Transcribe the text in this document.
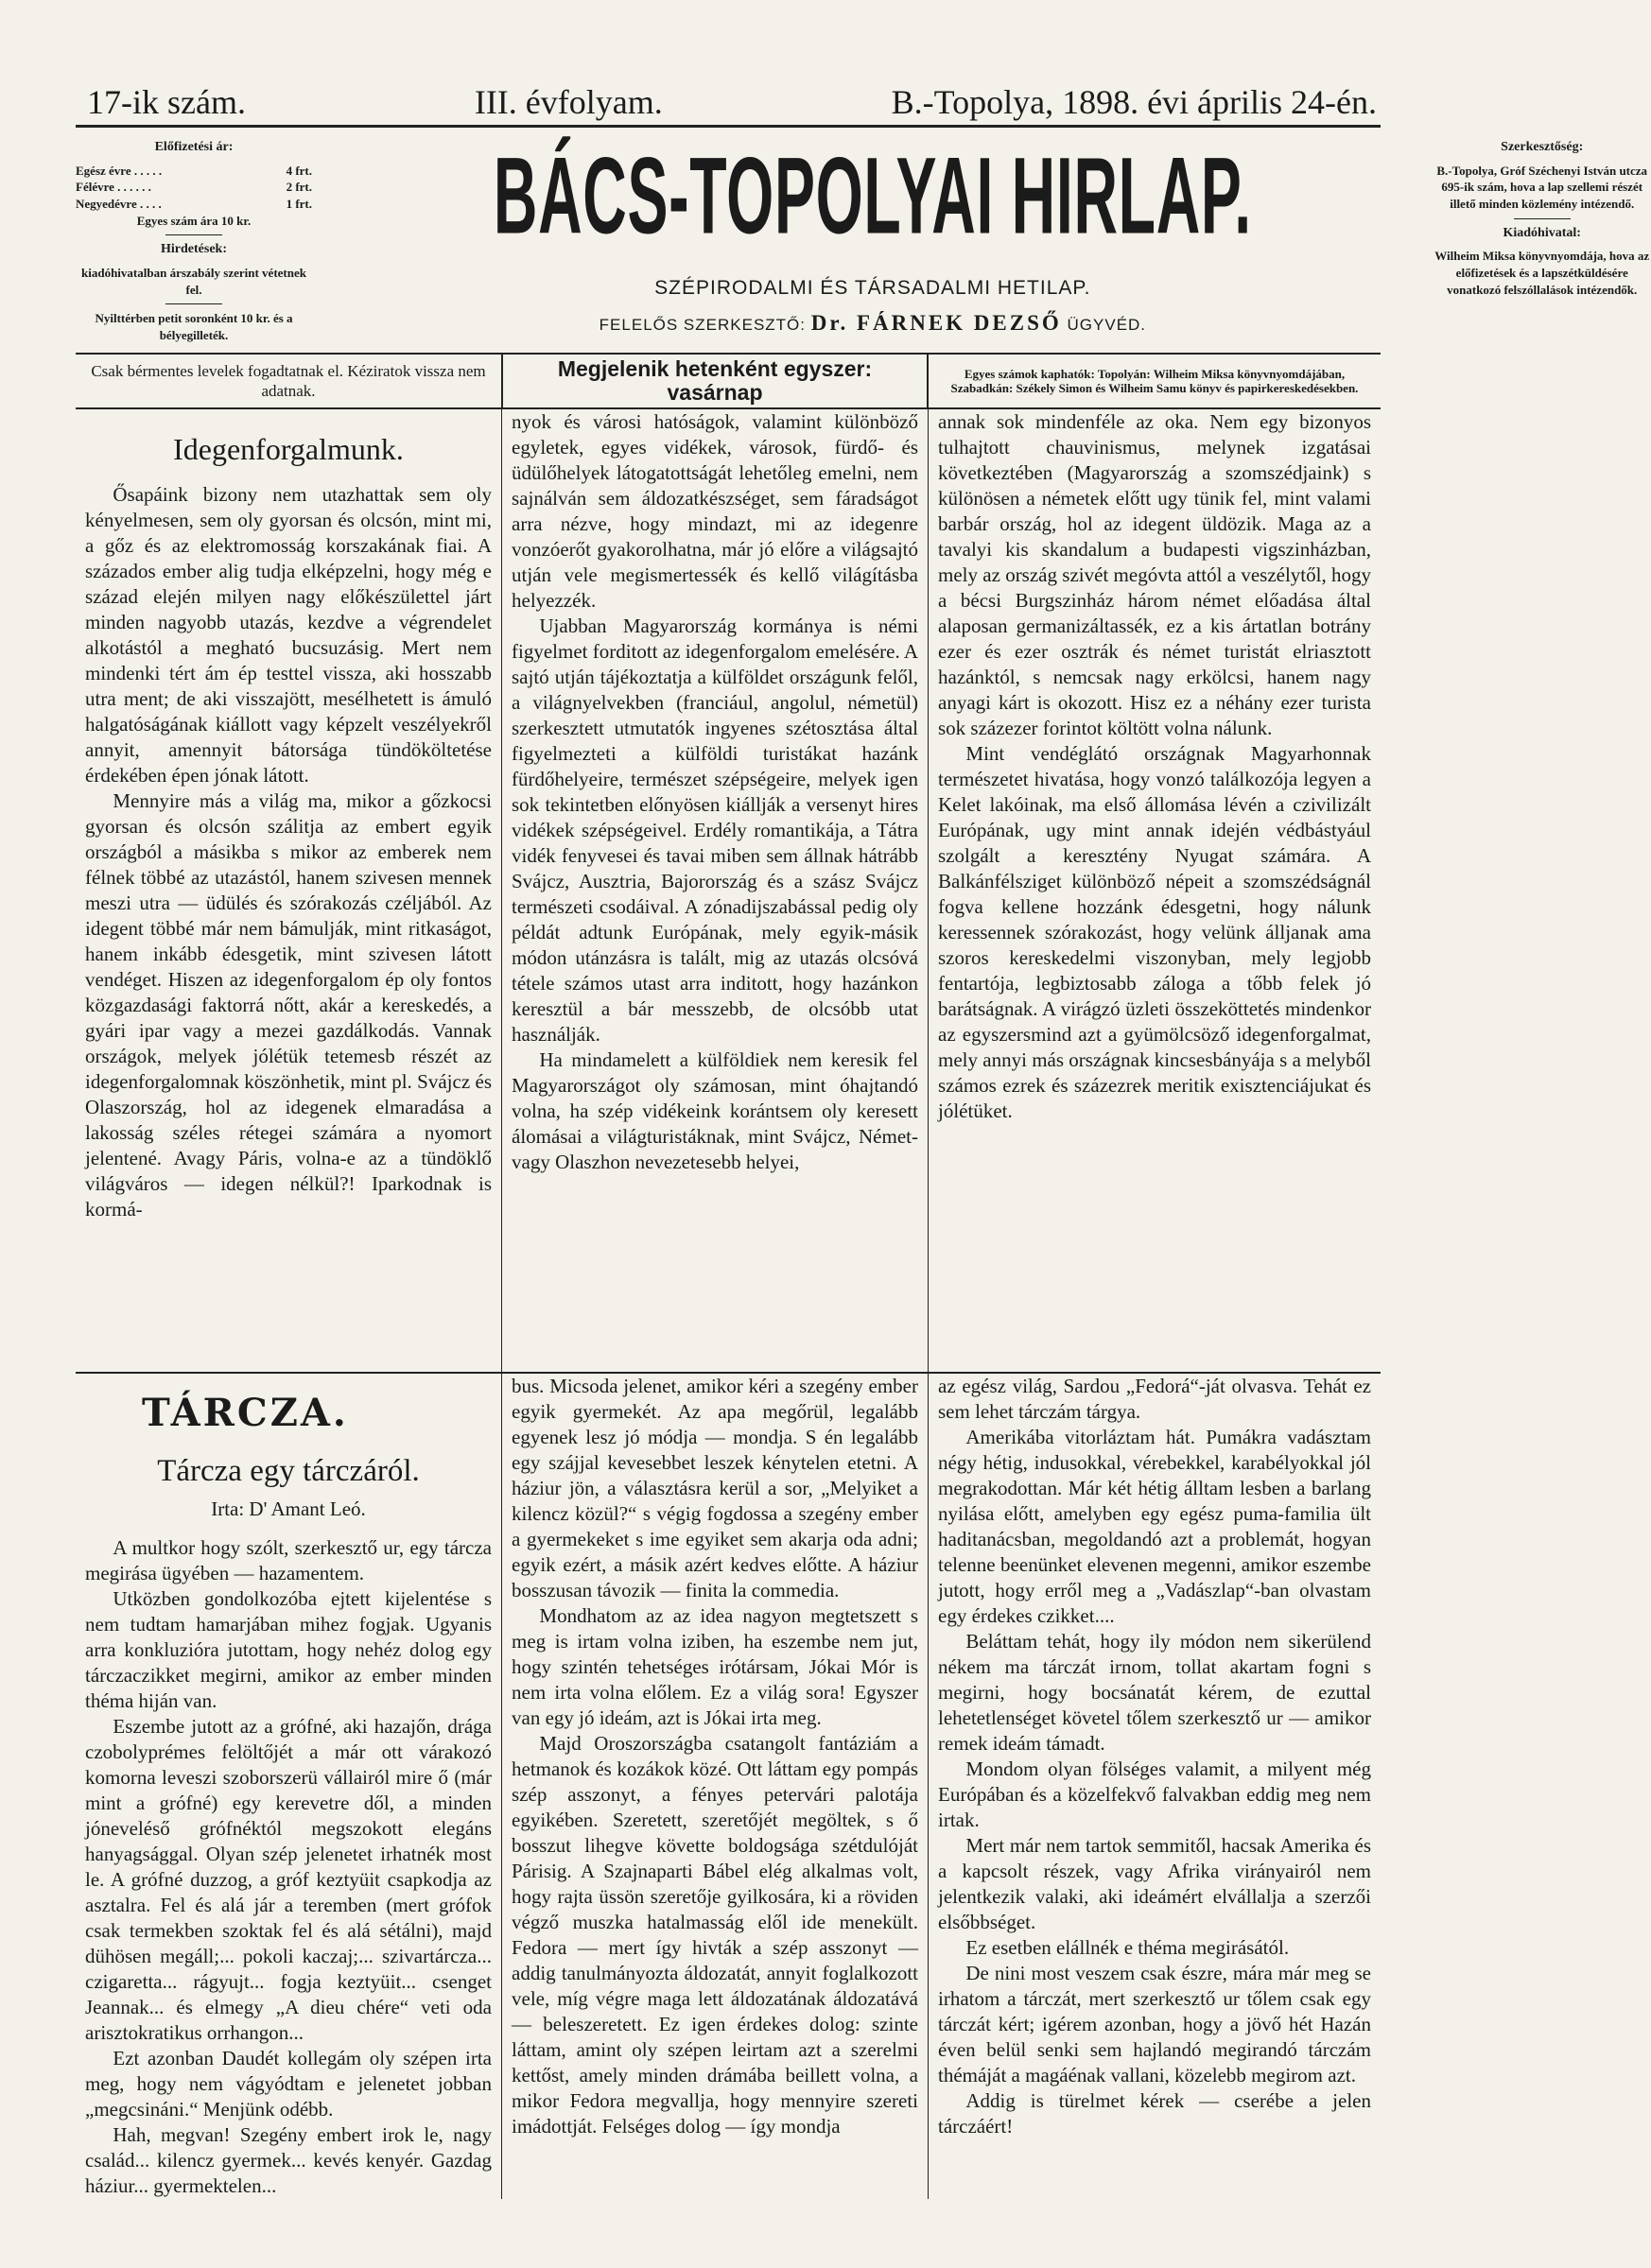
17-ik szám.	III. évfolyam.	B.-Topolya, 1898. évi április 24-én.
Előfizetési ár:
Egész évre . . . . .	4 frt.
Félévre . . . . . .	2 frt.
Negyedévre . . . .	1 frt.
Egyes szám ára 10 kr.
Hirdetések:
kiadóhivatalban árszabály szerint vétetnek fel.
Nyilttérben petit soronként 10 kr. és a bélyegilleték.
BÁCS-TOPOLYAI HIRLAP.
SZÉPIRODALMI ÉS TÁRSADALMI HETILAP.
FELELŐS SZERKESZTŐ: Dr. FÁRNEK DEZSŐ ÜGYVÉD.
Szerkesztőség:
B.-Topolya, Gróf Széchenyi István utcza 695-ik szám, hova a lap szellemi részét illető minden közlemény intézendő.
Kiadóhivatal:
Wilheim Miksa könyvnyomdája, hova az előfizetések és a lapszétküldésére vonatkozó felszóllalások intézendők.
Csak bérmentes levelek fogadtatnak el. Kéziratok vissza nem adatnak.
Megjelenik hetenként egyszer:
vasárnap
Egyes számok kaphatók: Topolyán: Wilheim Miksa könyvnyomdájában, Szabadkán: Székely Simon és Wilheim Samu könyv és papirkereskedésekben.
Idegenforgalmunk.

Ősapáink bizony nem utazhattak sem oly kényelmesen, sem oly gyorsan és olcsón, mint mi, a gőz és az elektromosság korszakának fiai. A százados ember alig tudja elképzelni, hogy még e század elején milyen nagy előkészülettel járt minden nagyobb utazás, kezdve a végrendelet alkotástól a megható bucsuzásig. Mert nem mindenki tért ám ép testtel vissza, aki hosszabb utra ment; de aki visszajött, mesélhetett is ámuló halgatóságának kiállott vagy képzelt veszélyekről annyit, amennyit bátorsága tündököltetése érdekében épen jónak látott.

Mennyire más a világ ma, mikor a gőzkocsi gyorsan és olcsón szálitja az embert egyik országból a másikba s mikor az emberek nem félnek többé az utazástól, hanem szivesen mennek meszi utra — üdülés és szórakozás czéljából. Az idegent többé már nem bámulják, mint ritkaságot, hanem inkább édesgetik, mint szivesen látott vendéget. Hiszen az idegenforgalom ép oly fontos közgazdasági faktorrá nőtt, akár a kereskedés, a gyári ipar vagy a mezei gazdálkodás. Vannak országok, melyek jólétük tetemesb részét az idegenforgalomnak köszönhetik, mint pl. Svájcz és Olaszország, hol az idegenek elmaradása a lakosság széles rétegei számára a nyomort jelentené. Avagy Páris, volna-e az a tündöklő világváros — idegen nélkül?! Iparkodnak is kormá-

nyok és városi hatóságok, valamint különböző egyletek, egyes vidékek, városok, fürdő- és üdülőhelyek látogatottságát lehetőleg emelni, nem sajnálván sem áldozatkészséget, sem fáradságot arra nézve, hogy mindazt, mi az idegenre vonzóerőt gyakorolhatna, már jó előre a világsajtó utján vele megismertessék és kellő világításba helyezzék.

Ujabban Magyarország kormánya is némi figyelmet forditott az idegenforgalom emelésére. A sajtó utján tájékoztatja a külföldet országunk felől, a világnyelvekben (franciául, angolul, németül) szerkesztett utmutatók ingyenes szétosztása által figyelmezteti a külföldi turistákat hazánk fürdőhelyeire, természet szépségeire, melyek igen sok tekintetben előnyösen kiállják a versenyt hires vidékek szépségeivel. Erdély romantikája, a Tátra vidék fenyvesei és tavai miben sem állnak hátrább Svájcz, Ausztria, Bajorország és a szász Svájcz természeti csodáival. A zónadijszabással pedig oly példát adtunk Európának, mely egyik-másik módon utánzásra is talált, mig az utazás olcsóvá tétele számos utast arra inditott, hogy hazánkon keresztül a bár messzebb, de olcsóbb utat használják.

Ha mindamelett a külföldiek nem keresik fel Magyarországot oly számosan, mint óhajtandó volna, ha szép vidékeink korántsem oly keresett álomásai a világturistáknak, mint Svájcz, Német- vagy Olaszhon nevezetesebb helyei,

annak sok mindenféle az oka. Nem egy bizonyos tulhajtott chauvinismus, melynek izgatásai következtében (Magyarország a szomszédjaink) s különösen a németek előtt ugy tünik fel, mint valami barbár ország, hol az idegent üldözik. Maga az a tavalyi kis skandalum a budapesti vigszinházban, mely az ország szivét megóvta attól a veszélytől, hogy a bécsi Burgszinház három német előadása által alaposan germanizáltassék, ez a kis ártatlan botrány ezer és ezer osztrák és német turistát elriasztott hazánktól, s nemcsak nagy erkölcsi, hanem nagy anyagi kárt is okozott. Hisz ez a néhány ezer turista sok százezer forintot költött volna nálunk.

Mint vendéglátó országnak Magyarhonnak természetet hivatása, hogy vonzó találkozója legyen a Kelet lakóinak, ma első állomása lévén a czivilizált Európának, ugy mint annak idején védbástyául szolgált a keresztény Nyugat számára. A Balkánfélsziget különböző népeit a szomszédságnál fogva kellene hozzánk édesgetni, hogy nálunk keressennek szórakozást, hogy velünk álljanak ama szoros kereskedelmi viszonyban, mely legjobb fentartója, legbiztosabb záloga a tőbb felek jó barátságnak. A virágzó üzleti összeköttetés mindenkor az egyszersmind azt a gyümölcsöző idegenforgalmat, mely annyi más országnak kincsesbányája s a melyből számos ezrek és százezrek meritik exisztenciájukat és jólétüket.

TÁRCZA.
Tárcza egy tárczáról.

Irta: D' Amant Leó.

A multkor hogy szólt, szerkesztő ur, egy tárcza megirása ügyében — hazamentem.

Utközben gondolkozóba ejtett kijelentése s nem tudtam hamarjában mihez fogjak. Ugyanis arra konkluzióra jutottam, hogy nehéz dolog egy tárczaczikket megirni, amikor az ember minden théma hiján van.

Eszembe jutott az a grófné, aki hazajőn, drága czobolyprémes felöltőjét a már ott várakozó komorna leveszi szoborszerü vállairól mire ő (már mint a grófné) egy kerevetre dől, a minden jóneveléső grófnéktól megszokott elegáns hanyagsággal. Olyan szép jelenetet irhatnék most le. A grófné duzzog, a gróf keztyüit csapkodja az asztalra. Fel és alá jár a teremben (mert grófok csak termekben szoktak fel és alá sétálni), majd dühösen megáll;... pokoli kaczaj;... szivartárcza... czigaretta... rágyujt... fogja keztyüit... csenget Jeannak... és elmegy „A dieu chére“ veti oda arisztokratikus orrhangon...

Ezt azonban Daudét kollegám oly szépen irta meg, hogy nem vágyódtam e jelenetet jobban „megcsináni.“ Menjünk odébb.

Hah, megvan! Szegény embert irok le, nagy család... kilencz gyermek... kevés kenyér. Gazdag háziur... gyermektelen...

bus. Micsoda jelenet, amikor kéri a szegény ember egyik gyermekét. Az apa megőrül, legalább egyenek lesz jó módja — mondja. S én legalább egy szájjal kevesebbet leszek kénytelen etetni. A háziur jön, a választásra kerül a sor, „Melyiket a kilencz közül?“ s végig fogdossa a szegény ember a gyermekeket s ime egyiket sem akarja oda adni; egyik ezért, a másik azért kedves előtte. A háziur bosszusan távozik — finita la commedia.

Mondhatom az az idea nagyon megtetszett s meg is irtam volna iziben, ha eszembe nem jut, hogy szintén tehetséges irótársam, Jókai Mór is nem irta volna előlem. Ez a világ sora! Egyszer van egy jó ideám, azt is Jókai irta meg.

Majd Oroszországba csatangolt fantáziám a hetmanok és kozákok közé. Ott láttam egy pompás szép asszonyt, a fényes petervári palotája egyikében. Szeretett, szeretőjét megöltek, s ő bosszut lihegve követte boldogsága szétdulóját Párisig. A Szajnaparti Bábel elég alkalmas volt, hogy rajta üssön szeretője gyilkosára, ki a röviden végző muszka hatalmasság elől ide menekült. Fedora — mert így hivták a szép asszonyt — addig tanulmányozta áldozatát, annyit foglalkozott vele, míg végre maga lett áldozatának áldozatává — beleszeretett. Ez igen érdekes dolog: szinte láttam, amint oly szépen leirtam azt a szerelmi kettőst, amely minden drámába beillett volna, a mikor Fedora megvallja, hogy mennyire szereti imádottját. Felséges dolog — így mondja

az egész világ, Sardou „Fedorá“-ját olvasva. Tehát ez sem lehet tárczám tárgya.

Amerikába vitorláztam hát. Pumákra vadásztam négy hétig, indusokkal, vérebekkel, karabélyokkal jól megrakodottan. Már két hétig álltam lesben a barlang nyilása előtt, amelyben egy egész puma-familia ült haditanácsban, megoldandó azt a problemát, hogyan telenne beenünket elevenen megenni, amikor eszembe jutott, hogy erről meg a „Vadászlap“-ban olvastam egy érdekes czikket....

Beláttam tehát, hogy ily módon nem sikerülend nékem ma tárczát irnom, tollat akartam fogni s megirni, hogy bocsánatát kérem, de ezuttal lehetetlenséget követel tőlem szerkesztő ur — amikor remek ideám támadt.

Mondom olyan fölséges valamit, a milyent még Európában és a közelfekvő falvakban eddig meg nem irtak.

Mert már nem tartok semmitől, hacsak Amerika és a kapcsolt részek, vagy Afrika virányairól nem jelentkezik valaki, aki ideámért elvállalja a szerzői elsőbbséget.

Ez esetben elállnék e théma megirásától.

De nini most veszem csak észre, mára már meg se irhatom a tárczát, mert szerkesztő ur tőlem csak egy tárczát kért; igérem azonban, hogy a jövő hét Hazán éven belül senki sem hajlandó megirandó tárczám thémáját a magáénak vallani, közelebb megirom azt.

Addig is türelmet kérek — cserébe a jelen tárczáért!
